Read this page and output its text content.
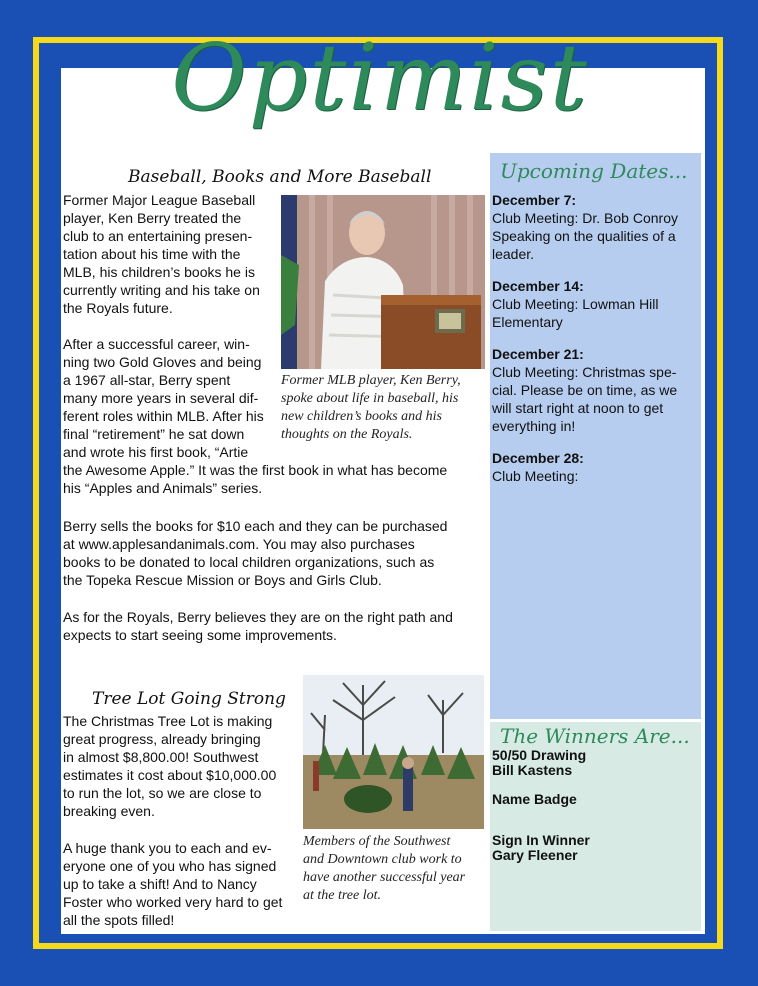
Optimist
Upcoming Dates...
December 7:
Club Meeting: Dr. Bob Conroy
Speaking on the qualities of a
leader.
December 14:
Club Meeting: Lowman Hill
Elementary
December 21:
Club Meeting: Christmas spe-
cial. Please be on time, as we
will start right at noon to get
everything in!
December 28:
Club Meeting:
The Winners Are...
50/50 Drawing
Bill Kastens
Name Badge
Sign In Winner
Gary Fleener
Baseball, Books and More Baseball
Former Major League Baseball
player, Ken Berry treated the
club to an entertaining presen-
tation about his time with the
MLB, his children’s books he is
currently writing and his take on
the Royals future.
Former MLB player, Ken Berry,
spoke about life in baseball, his
new children’s books and his
thoughts on the Royals.
After a successful career, win-
ning two Gold Gloves and being
a 1967 all-star, Berry spent
many more years in several dif-
ferent roles within MLB. After his
final “retirement” he sat down
and wrote his first book, “Artie
the Awesome Apple.” It was the first book in what has become
his “Apples and Animals” series.
Berry sells the books for $10 each and they can be purchased
at www.applesandanimals.com. You may also purchases
books to be donated to local children organizations, such as
the Topeka Rescue Mission or Boys and Girls Club.
As for the Royals, Berry believes they are on the right path and
expects to start seeing some improvements.
Tree Lot Going Strong
The Christmas Tree Lot is making
great progress, already bringing
in almost $8,800.00! Southwest
estimates it cost about $10,000.00
to run the lot, so we are close to
breaking even.
A huge thank you to each and ev-
eryone one of you who has signed
up to take a shift! And to Nancy
Foster who worked very hard to get
all the spots filled!
Members of the Southwest
and Downtown club work to
have another successful year
at the tree lot.
